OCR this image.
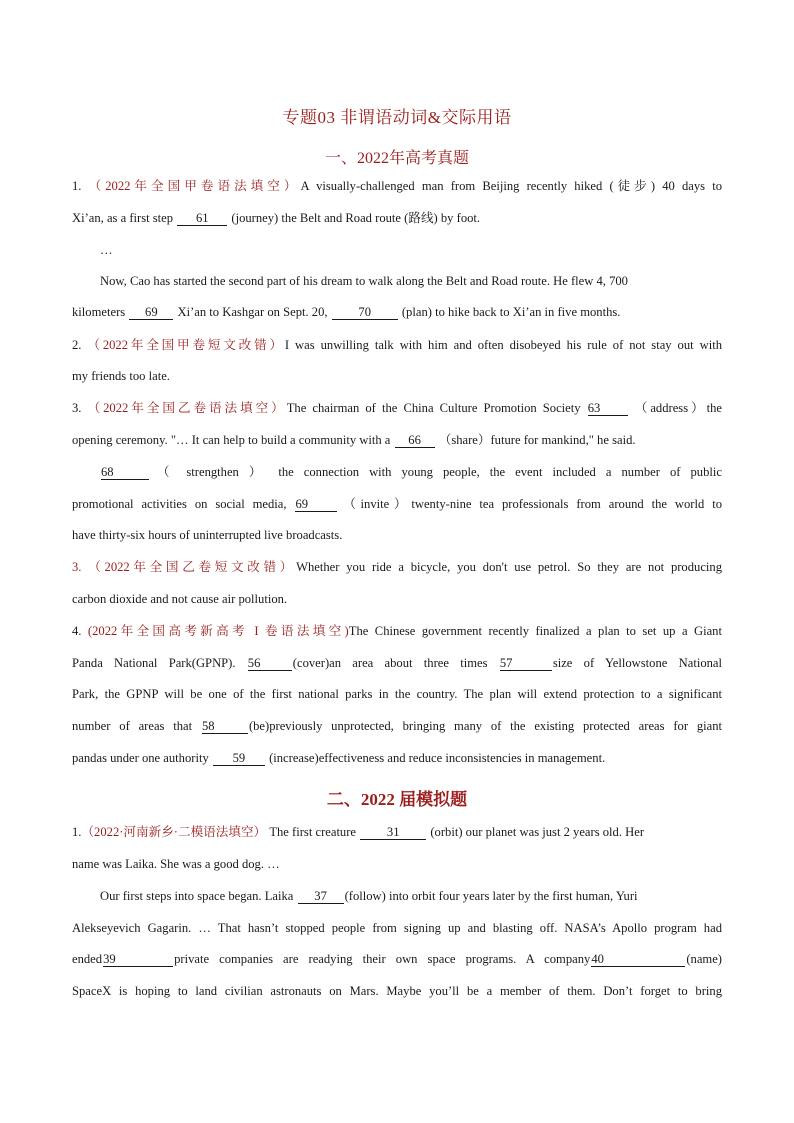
专题03 非谓语动词&交际用语
一、2022年高考真题
1. （2022年全国甲卷语法填空）A visually-challenged man from Beijing recently hiked (徒步) 40 days to
Xi’an, as a first step 61 (journey) the Belt and Road route (路线) by foot.
…
Now, Cao has started the second part of his dream to walk along the Belt and Road route. He flew 4, 700
kilometers 69 Xi’an to Kashgar on Sept. 20, 70 (plan) to hike back to Xi’an in five months.
2. （2022年全国甲卷短文改错）I was unwilling talk with him and often disobeyed his rule of not stay out with
my friends too late.
3. （2022年全国乙卷语法填空）The chairman of the China Culture Promotion Society 63	（address）the
opening ceremony. "… It can help to build a community with a 66 （share）future for mankind," he said.
68	（ strengthen ） the connection with young people, the event included a number of public
promotional activities on social media, 69 （invite）twenty-nine tea professionals from around the world to
have thirty-six hours of uninterrupted live broadcasts.
3. （2022年全国乙卷短文改错）Whether you ride a bicycle, you don't use petrol. So they are not producing
carbon dioxide and not cause air pollution.
4. (2022年全国高考新高考 I 卷语法填空)The Chinese government recently finalized a plan to set up a Giant
Panda National Park(GPNP). 56	(cover)an area about three times 57	size of Yellowstone National
Park, the GPNP will be one of the first national parks in the country. The plan will extend protection to a significant
number of areas that 58	(be)previously unprotected, bringing many of the existing protected areas for giant
pandas under one authority 59 (increase)effectiveness and reduce inconsistencies in management.
二、2022 届模拟题
1.（2022·河南新乡·二模语法填空） The first creature 31 (orbit) our planet was just 2 years old. Her
name was Laika. She was a good dog. …
Our first steps into space began. Laika 37 (follow) into orbit four years later by the first human, Yuri
Alekseyevich Gagarin. … That hasn’t stopped people from signing up and blasting off. NASA’s Apollo program had
ended39	private companies are readying their own space programs. A company40	(name)
SpaceX is hoping to land civilian astronauts on Mars. Maybe you’ll be a member of them. Don’t forget to bring
